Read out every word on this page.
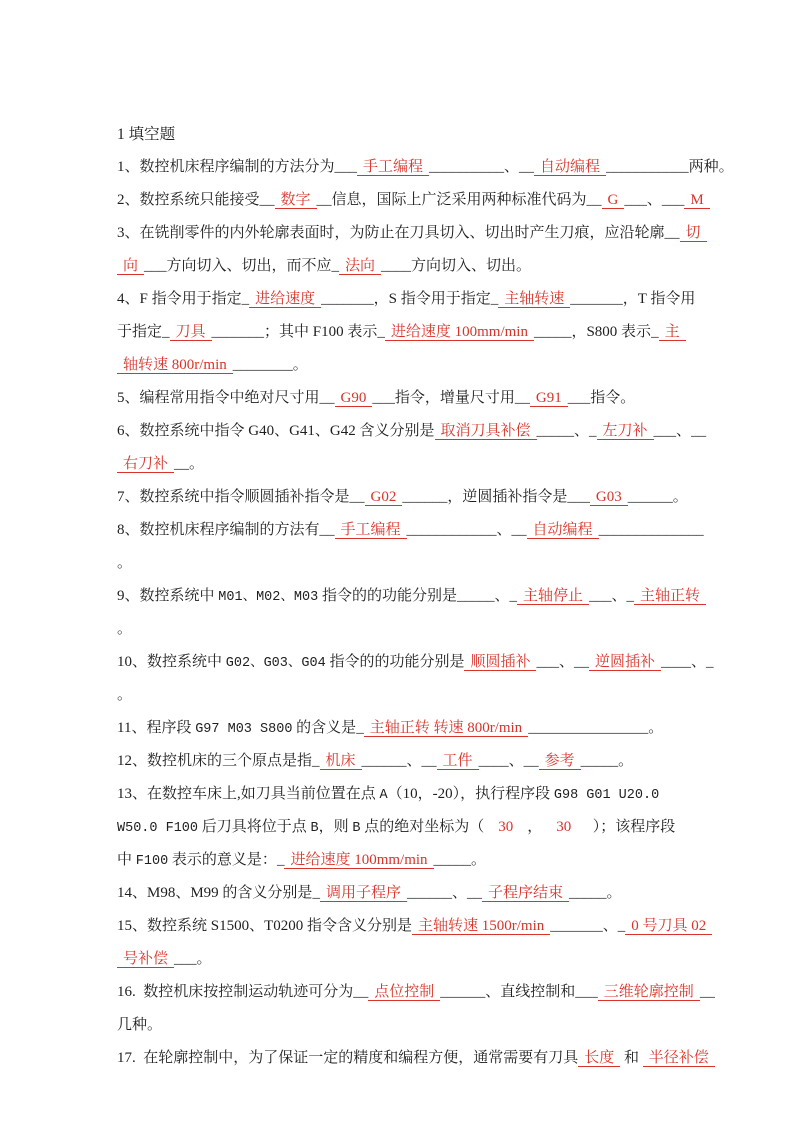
1 填空题
1、数控机床程序编制的方法分为___ 手工编程 __________、__ 自动编程 ___________两种。
2、数控系统只能接受__ 数字 __信息，国际上广泛采用两种标准代码为__ G ___、___ M
3、在铣削零件的内外轮廓表面时，为防止在刀具切入、切出时产生刀痕，应沿轮廓__ 切
向 ___方向切入、切出，而不应_ 法向 ____方向切入、切出。
4、F 指令用于指定_ 进给速度 _______，S 指令用于指定_ 主轴转速 _______，T 指令用
于指定_ 刀具 _______；其中 F100 表示_ 进给速度 100mm/min _____，S800 表示_ 主
轴转速 800r/min ________。
5、编程常用指令中绝对尺寸用__ G90 ___指令，增量尺寸用__ G91 ___指令。
6、数控系统中指令 G40、G41、G42 含义分别是 取消刀具补偿 _____、_ 左刀补 ___、__
右刀补 __。
7、数控系统中指令顺圆插补指令是__ G02 ______，逆圆插补指令是___ G03 ______。
8、数控机床程序编制的方法有__ 手工编程 ____________、__ 自动编程 ______________
。
9、数控系统中 M01、M02、M03 指令的的功能分别是_____、_ 主轴停止 ___、_ 主轴正转
。
10、数控系统中 G02、G03、G04 指令的的功能分别是 顺圆插补 ___、__ 逆圆插补 ____、_
。
11、程序段 G97 M03 S800 的含义是_ 主轴正转 转速 800r/min ________________。
12、数控机床的三个原点是指_ 机床 ______、__ 工件 ____、__ 参考 _____。
13、在数控车床上,如刀具当前位置在点 A（10，-20），执行程序段 G98 G01 U20.0
W50.0 F100 后刀具将位于点 B，则 B 点的绝对坐标为（ 30 ， 30  ）；该程序段
中 F100 表示的意义是：_ 进给速度 100mm/min _____。
14、M98、M99 的含义分别是_ 调用子程序 ______、__ 子程序结束 _____。
15、数控系统 S1500、T0200 指令含义分别是 主轴转速 1500r/min _______、_ 0 号刀具 02
号补偿 ___。
16.  数控机床按控制运动轨迹可分为__ 点位控制 ______、直线控制和___ 三维轮廓控制 __
几种。
17.  在轮廓控制中，为了保证一定的精度和编程方便，通常需要有刀具 长度 和 半径补偿
